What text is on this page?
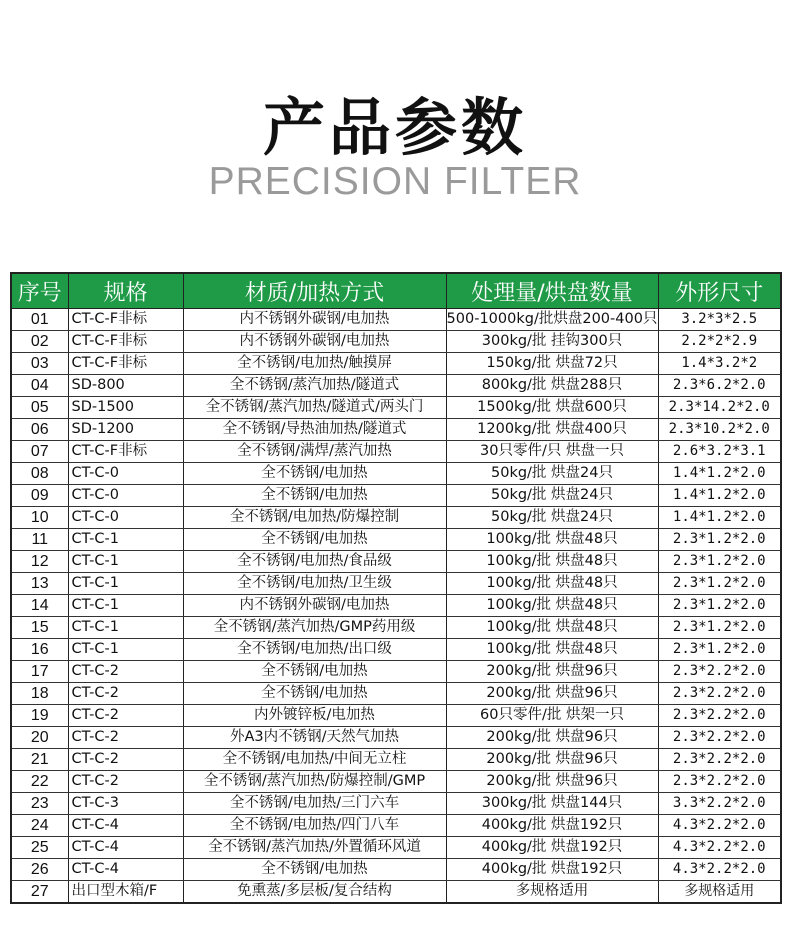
产品参数
PRECISION FILTER
序号	规格	材质/加热方式	处理量/烘盘数量	外形尺寸
01	CT-C-F非标	内不锈钢外碳钢/电加热	500-1000kg/批烘盘200-400只	3.2*3*2.5
02	CT-C-F非标	内不锈钢外碳钢/电加热	300kg/批 挂钩300只	2.2*2*2.9
03	CT-C-F非标	全不锈钢/电加热/触摸屏	150kg/批 烘盘72只	1.4*3.2*2
04	SD-800	全不锈钢/蒸汽加热/隧道式	800kg/批 烘盘288只	2.3*6.2*2.0
05	SD-1500	全不锈钢/蒸汽加热/隧道式/两头门	1500kg/批 烘盘600只	2.3*14.2*2.0
06	SD-1200	全不锈钢/导热油加热/隧道式	1200kg/批 烘盘400只	2.3*10.2*2.0
07	CT-C-F非标	全不锈钢/满焊/蒸汽加热	30只零件/只 烘盘一只	2.6*3.2*3.1
08	CT-C-0	全不锈钢/电加热	50kg/批 烘盘24只	1.4*1.2*2.0
09	CT-C-0	全不锈钢/电加热	50kg/批 烘盘24只	1.4*1.2*2.0
10	CT-C-0	全不锈钢/电加热/防爆控制	50kg/批 烘盘24只	1.4*1.2*2.0
11	CT-C-1	全不锈钢/电加热	100kg/批 烘盘48只	2.3*1.2*2.0
12	CT-C-1	全不锈钢/电加热/食品级	100kg/批 烘盘48只	2.3*1.2*2.0
13	CT-C-1	全不锈钢/电加热/卫生级	100kg/批 烘盘48只	2.3*1.2*2.0
14	CT-C-1	内不锈钢外碳钢/电加热	100kg/批 烘盘48只	2.3*1.2*2.0
15	CT-C-1	全不锈钢/蒸汽加热/GMP药用级	100kg/批 烘盘48只	2.3*1.2*2.0
16	CT-C-1	全不锈钢/电加热/出口级	100kg/批 烘盘48只	2.3*1.2*2.0
17	CT-C-2	全不锈钢/电加热	200kg/批 烘盘96只	2.3*2.2*2.0
18	CT-C-2	全不锈钢/电加热	200kg/批 烘盘96只	2.3*2.2*2.0
19	CT-C-2	内外镀锌板/电加热	60只零件/批 烘架一只	2.3*2.2*2.0
20	CT-C-2	外A3内不锈钢/天然气加热	200kg/批 烘盘96只	2.3*2.2*2.0
21	CT-C-2	全不锈钢/电加热/中间无立柱	200kg/批 烘盘96只	2.3*2.2*2.0
22	CT-C-2	全不锈钢/蒸汽加热/防爆控制/GMP	200kg/批 烘盘96只	2.3*2.2*2.0
23	CT-C-3	全不锈钢/电加热/三门六车	300kg/批 烘盘144只	3.3*2.2*2.0
24	CT-C-4	全不锈钢/电加热/四门八车	400kg/批 烘盘192只	4.3*2.2*2.0
25	CT-C-4	全不锈钢/蒸汽加热/外置循环风道	400kg/批 烘盘192只	4.3*2.2*2.0
26	CT-C-4	全不锈钢/电加热	400kg/批 烘盘192只	4.3*2.2*2.0
27	出口型木箱/F	免熏蒸/多层板/复合结构	多规格适用	多规格适用
